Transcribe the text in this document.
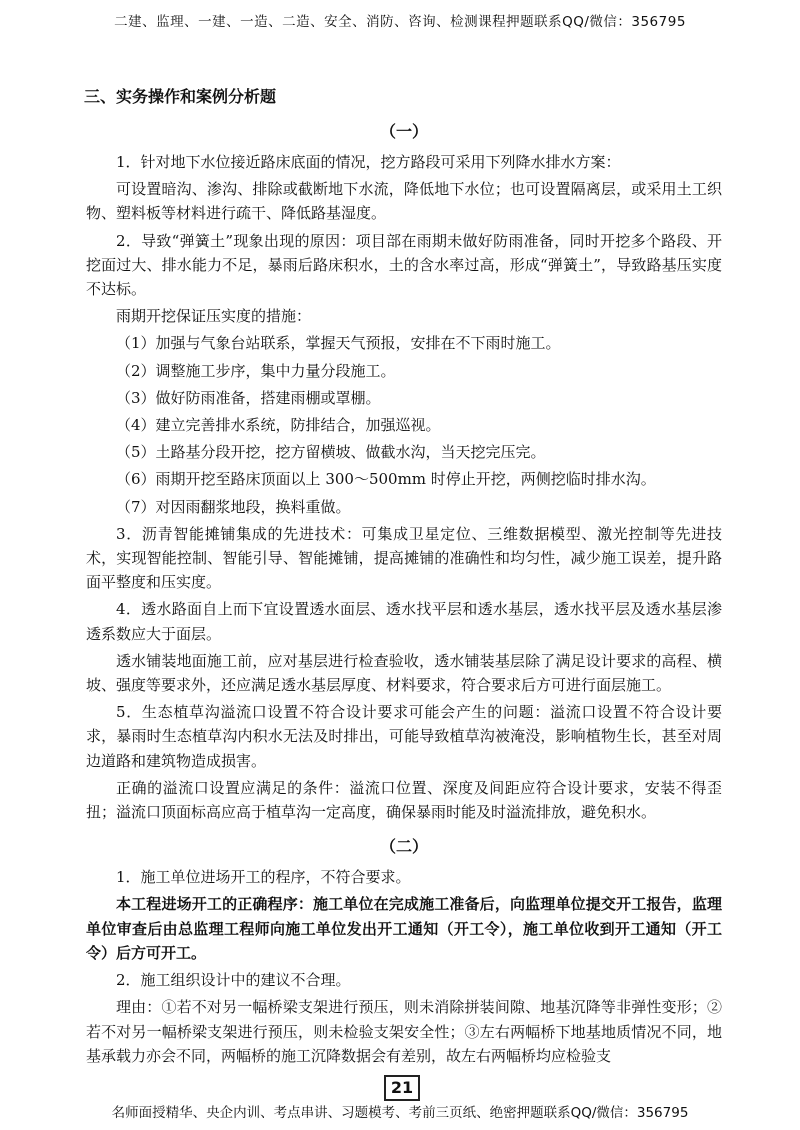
二建、监理、一建、一造、二造、安全、消防、咨询、检测课程押题联系QQ/微信：356795
三、实务操作和案例分析题
（一）

1．针对地下水位接近路床底面的情况，挖方路段可采用下列降水排水方案：

可设置暗沟、渗沟、排除或截断地下水流，降低地下水位；也可设置隔离层，或采用土工织物、塑料板等材料进行疏干、降低路基湿度。

2．导致“弹簧土”现象出现的原因：项目部在雨期未做好防雨准备，同时开挖多个路段、开挖面过大、排水能力不足，暴雨后路床积水，土的含水率过高，形成“弹簧土”，导致路基压实度不达标。

雨期开挖保证压实度的措施：

（1）加强与气象台站联系，掌握天气预报，安排在不下雨时施工。
（2）调整施工步序，集中力量分段施工。
（3）做好防雨准备，搭建雨棚或罩棚。
（4）建立完善排水系统，防排结合，加强巡视。
（5）土路基分段开挖，挖方留横坡、做截水沟，当天挖完压完。
（6）雨期开挖至路床顶面以上 300～500mm 时停止开挖，两侧挖临时排水沟。
（7）对因雨翻浆地段，换料重做。

3．沥青智能摊铺集成的先进技术：可集成卫星定位、三维数据模型、激光控制等先进技术，实现智能控制、智能引导、智能摊铺，提高摊铺的准确性和均匀性，减少施工误差，提升路面平整度和压实度。

4．透水路面自上而下宜设置透水面层、透水找平层和透水基层，透水找平层及透水基层渗透系数应大于面层。

透水铺装地面施工前，应对基层进行检查验收，透水铺装基层除了满足设计要求的高程、横坡、强度等要求外，还应满足透水基层厚度、材料要求，符合要求后方可进行面层施工。

5．生态植草沟溢流口设置不符合设计要求可能会产生的问题：溢流口设置不符合设计要求，暴雨时生态植草沟内积水无法及时排出，可能导致植草沟被淹没，影响植物生长，甚至对周边道路和建筑物造成损害。

正确的溢流口设置应满足的条件：溢流口位置、深度及间距应符合设计要求，安装不得歪扭；溢流口顶面标高应高于植草沟一定高度，确保暴雨时能及时溢流排放，避免积水。

（二）

1．施工单位进场开工的程序，不符合要求。

本工程进场开工的正确程序：施工单位在完成施工准备后，向监理单位提交开工报告，监理单位审查后由总监理工程师向施工单位发出开工通知（开工令），施工单位收到开工通知（开工令）后方可开工。

2．施工组织设计中的建议不合理。

理由：①若不对另一幅桥梁支架进行预压，则未消除拼装间隙、地基沉降等非弹性变形；②若不对另一幅桥梁支架进行预压，则未检验支架安全性；③左右两幅桥下地基地质情况不同，地基承载力亦会不同，两幅桥的施工沉降数据会有差别，故左右两幅桥均应检验支

21
名师面授精华、央企内训、考点串讲、习题模考、考前三页纸、绝密押题联系QQ/微信：356795
